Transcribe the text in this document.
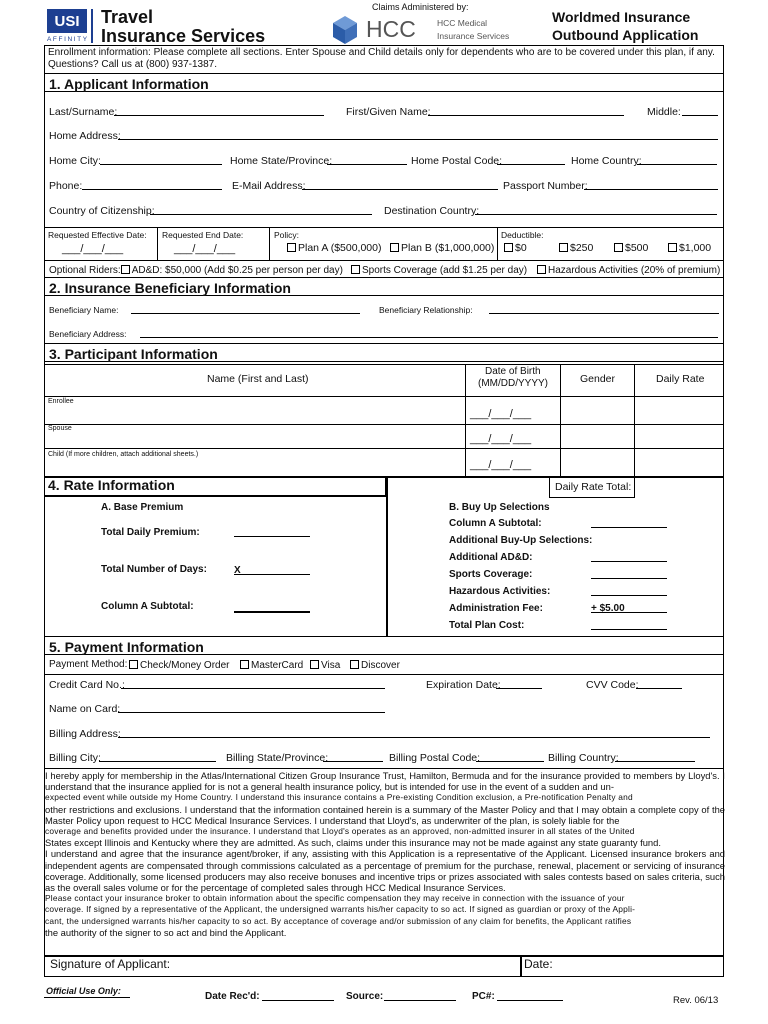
USI
AFFINITY
Travel
Insurance Services
Claims Administered by:
HCC HCC Medical
Insurance Services
Worldmed Insurance
Outbound Application
Enrollment information: Please complete all sections. Enter Spouse and Child details only for dependents who are to be covered under this plan, if any.
Questions? Call us at (800) 937-1387.
1. Applicant Information
Last/Surname:	First/Given Name:	Middle:
Home Address:
Home City:	Home State/Province:	Home Postal Code:	Home Country:
Phone:	E-Mail Address:	Passport Number:
Country of Citizenship:	Destination Country:
Requested Effective Date:
___/___/___
Requested End Date:
___/___/___
Policy:
Plan A ($500,000)	Plan B ($1,000,000)
Deductible:
$0	$250	$500	$1,000
Optional Riders: AD&D: $50,000 (Add $0.25 per person per day)	Sports Coverage (add $1.25 per day)	Hazardous Activities (20% of premium)
2. Insurance Beneficiary Information
Beneficiary Name:	Beneficiary Relationship:
Beneficiary Address:
3. Participant Information
Name (First and Last)
Date of Birth
(MM/DD/YYYY)	Gender	Daily Rate
Enrollee
___/___/___
Spouse
___/___/___
Child (If more children, attach additional sheets.)
___/___/___
4. Rate Information	Daily Rate Total:
A. Base Premium
Total Daily Premium:
Total Number of Days:	X
Column A Subtotal:
B. Buy Up Selections
Column A Subtotal:
Additional Buy-Up Selections:
Additional AD&D:
Sports Coverage:
Hazardous Activities:
Administration Fee:	+ $5.00
Total Plan Cost:
5. Payment Information
Payment Method:	Check/Money Order	MasterCard	Visa	Discover
Credit Card No.:	Expiration Date:	CVV Code:
Name on Card:
Billing Address:
Billing City:	Billing State/Province:	Billing Postal Code:	Billing Country:

I hereby apply for membership in the Atlas/International Citizen Group Insurance Trust, Hamilton, Bermuda and for the insurance provided to members by Lloyd's. I understand that the insurance applied for is not a general health insurance policy, but is intended for use in the event of a sudden and un-

expected event while outside my Home Country. I understand this insurance contains a Pre-existing Condition exclusion, a Pre-notification Penalty and

other restrictions and exclusions. I understand that the information contained herein is a summary of the Master Policy and that I may obtain a complete copy of the Master Policy upon request to HCC Medical Insurance Services. I understand that Lloyd's, as underwriter of the plan, is solely liable for the

coverage and benefits provided under the insurance. I understand that Lloyd's operates as an approved, non-admitted insurer in all states of the United

States except Illinois and Kentucky where they are admitted. As such, claims under this insurance may not be made against any state guaranty fund.

I understand and agree that the insurance agent/broker, if any, assisting with this Application is a representative of the Applicant. Licensed insurance brokers and independent agents are compensated through commissions calculated as a percentage of premium for the purchase, renewal, placement or servicing of insurance coverage. Additionally, some licensed producers may also receive bonuses and incentive trips or prizes associated with sales contests based on sales criteria, such as the overall sales volume or for the percentage of completed sales through HCC Medical Insurance Services.

Please contact your insurance broker to obtain information about the specific compensation they may receive in connection with the issuance of your

coverage. If signed by a representative of the Applicant, the undersigned warrants his/her capacity to so act. If signed as guardian or proxy of the Appli-

cant, the undersigned warrants his/her capacity to so act. By acceptance of coverage and/or submission of any claim for benefits, the Applicant ratifies

the authority of the signer to so act and bind the Applicant.

Signature of Applicant:	Date:
Official Use Only:	Date Rec'd:	Source:	PC#:	Rev. 06/13
